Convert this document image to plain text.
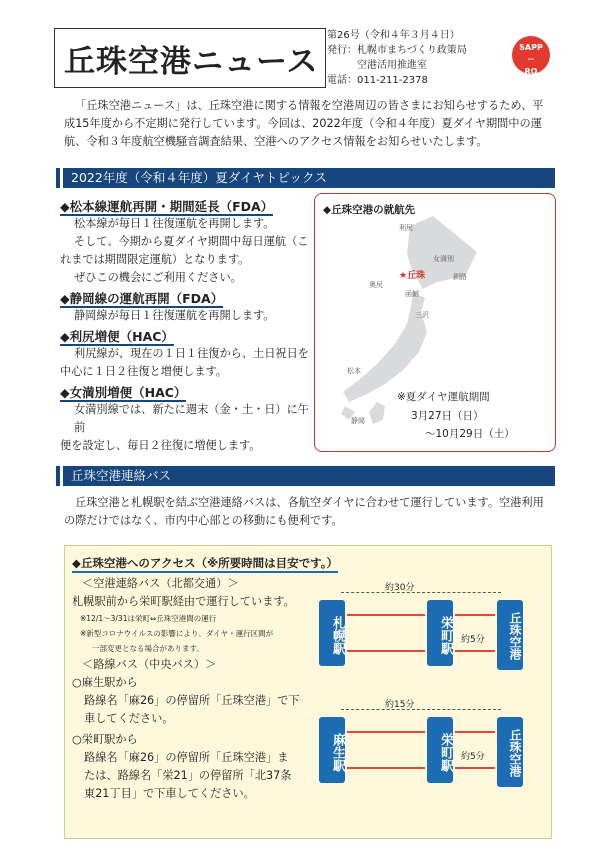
丘珠空港ニュース
第26号（令和４年３月４日）
発行：札幌市まちづくり政策局
空港活用推進室
電話：011-211-2378
SAPP
―
RO
「丘珠空港ニュース」は、丘珠空港に関する情報を空港周辺の皆さまにお知らせするため、平成15年度から不定期に発行しています。今回は、2022年度（令和４年度）夏ダイヤ期間中の運航、令和３年度航空機騒音調査結果、空港へのアクセス情報をお知らせいたします。
2022年度（令和４年度）夏ダイヤトピックス
◆松本線運航再開・期間延長（FDA）
松本線が毎日１往復運航を再開します。
そして、今期から夏ダイヤ期間中毎日運航（こ
れまでは期間限定運航）となります。
ぜひこの機会にご利用ください。
◆静岡線の運航再開（FDA）
静岡線が毎日１往復運航を再開します。
◆利尻増便（HAC）
利尻線が、現在の１日１往復から、土日祝日を
中心に１日２往復と増便します。
◆女満別増便（HAC）
女満別線では、新たに週末（金・土・日）に午前
便を設定し、毎日２往復に増便します。
◆丘珠空港の就航先
利尻
女満別
釧路
奥尻
★丘珠
函館
三沢
松本
静岡
※夏ダイヤ運航期間
3月27日（日）
～10月29日（土）
丘珠空港連絡バス
丘珠空港と札幌駅を結ぶ空港連絡バスは、各航空ダイヤに合わせて運行しています。空港利用の際だけではなく、市内中心部との移動にも便利です。
◆丘珠空港へのアクセス（※所要時間は目安です。）
＜空港連絡バス（北都交通）＞
札幌駅前から栄町駅経由で運行しています。
※12/1～3/31は栄町⇔丘珠空港間の運行
※新型コロナウイルスの影響により、ダイヤ・運行区間が
一部変更となる場合があります。
＜路線バス（中央バス）＞
○麻生駅から
路線名「麻26」の停留所「丘珠空港」で下
車してください。
○栄町駅から
路線名「麻26」の停留所「丘珠空港」ま
たは、路線名「栄21」の停留所「北37条
東21丁目」で下車してください。
約30分
札幌駅	栄町駅	丘珠空港
約5分
約15分
麻生駅	栄町駅	丘珠空港
約5分
